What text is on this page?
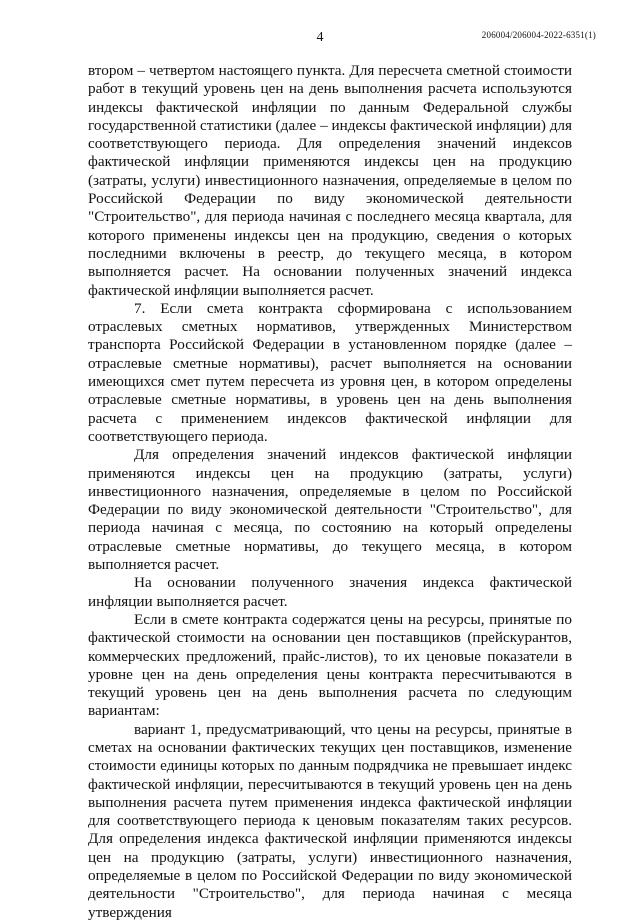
4	206004/206004-2022-6351(1)

втором – четвертом настоящего пункта. Для пересчета сметной стоимости работ в текущий уровень цен на день выполнения расчета используются индексы фактической инфляции по данным Федеральной службы государственной статистики (далее – индексы фактической инфляции) для соответствующего периода. Для определения значений индексов фактической инфляции применяются индексы цен на продукцию (затраты, услуги) инвестиционного назначения, определяемые в целом по Российской Федерации по виду экономической деятельности "Строительство", для периода начиная с последнего месяца квартала, для которого применены индексы цен на продукцию, сведения о которых последними включены в реестр, до текущего месяца, в котором выполняется расчет. На основании полученных значений индекса фактической инфляции выполняется расчет.

7. Если смета контракта сформирована с использованием отраслевых сметных нормативов, утвержденных Министерством транспорта Российской Федерации в установленном порядке (далее – отраслевые сметные нормативы), расчет выполняется на основании имеющихся смет путем пересчета из уровня цен, в котором определены отраслевые сметные нормативы, в уровень цен на день выполнения расчета с применением индексов фактической инфляции для соответствующего периода.

Для определения значений индексов фактической инфляции применяются индексы цен на продукцию (затраты, услуги) инвестиционного назначения, определяемые в целом по Российской Федерации по виду экономической деятельности "Строительство", для периода начиная с месяца, по состоянию на который определены отраслевые сметные нормативы, до текущего месяца, в котором выполняется расчет.

На основании полученного значения индекса фактической инфляции выполняется расчет.

Если в смете контракта содержатся цены на ресурсы, принятые по фактической стоимости на основании цен поставщиков (прейскурантов, коммерческих предложений, прайс-листов), то их ценовые показатели в уровне цен на день определения цены контракта пересчитываются в текущий уровень цен на день выполнения расчета по следующим вариантам:

вариант 1, предусматривающий, что цены на ресурсы, принятые в сметах на основании фактических текущих цен поставщиков, изменение стоимости единицы которых по данным подрядчика не превышает индекс фактической инфляции, пересчитываются в текущий уровень цен на день выполнения расчета путем применения индекса фактической инфляции для соответствующего периода к ценовым показателям таких ресурсов. Для определения индекса фактической инфляции применяются индексы цен на продукцию (затраты, услуги) инвестиционного назначения, определяемые в целом по Российской Федерации по виду экономической деятельности "Строительство", для периода начиная с месяца утверждения
